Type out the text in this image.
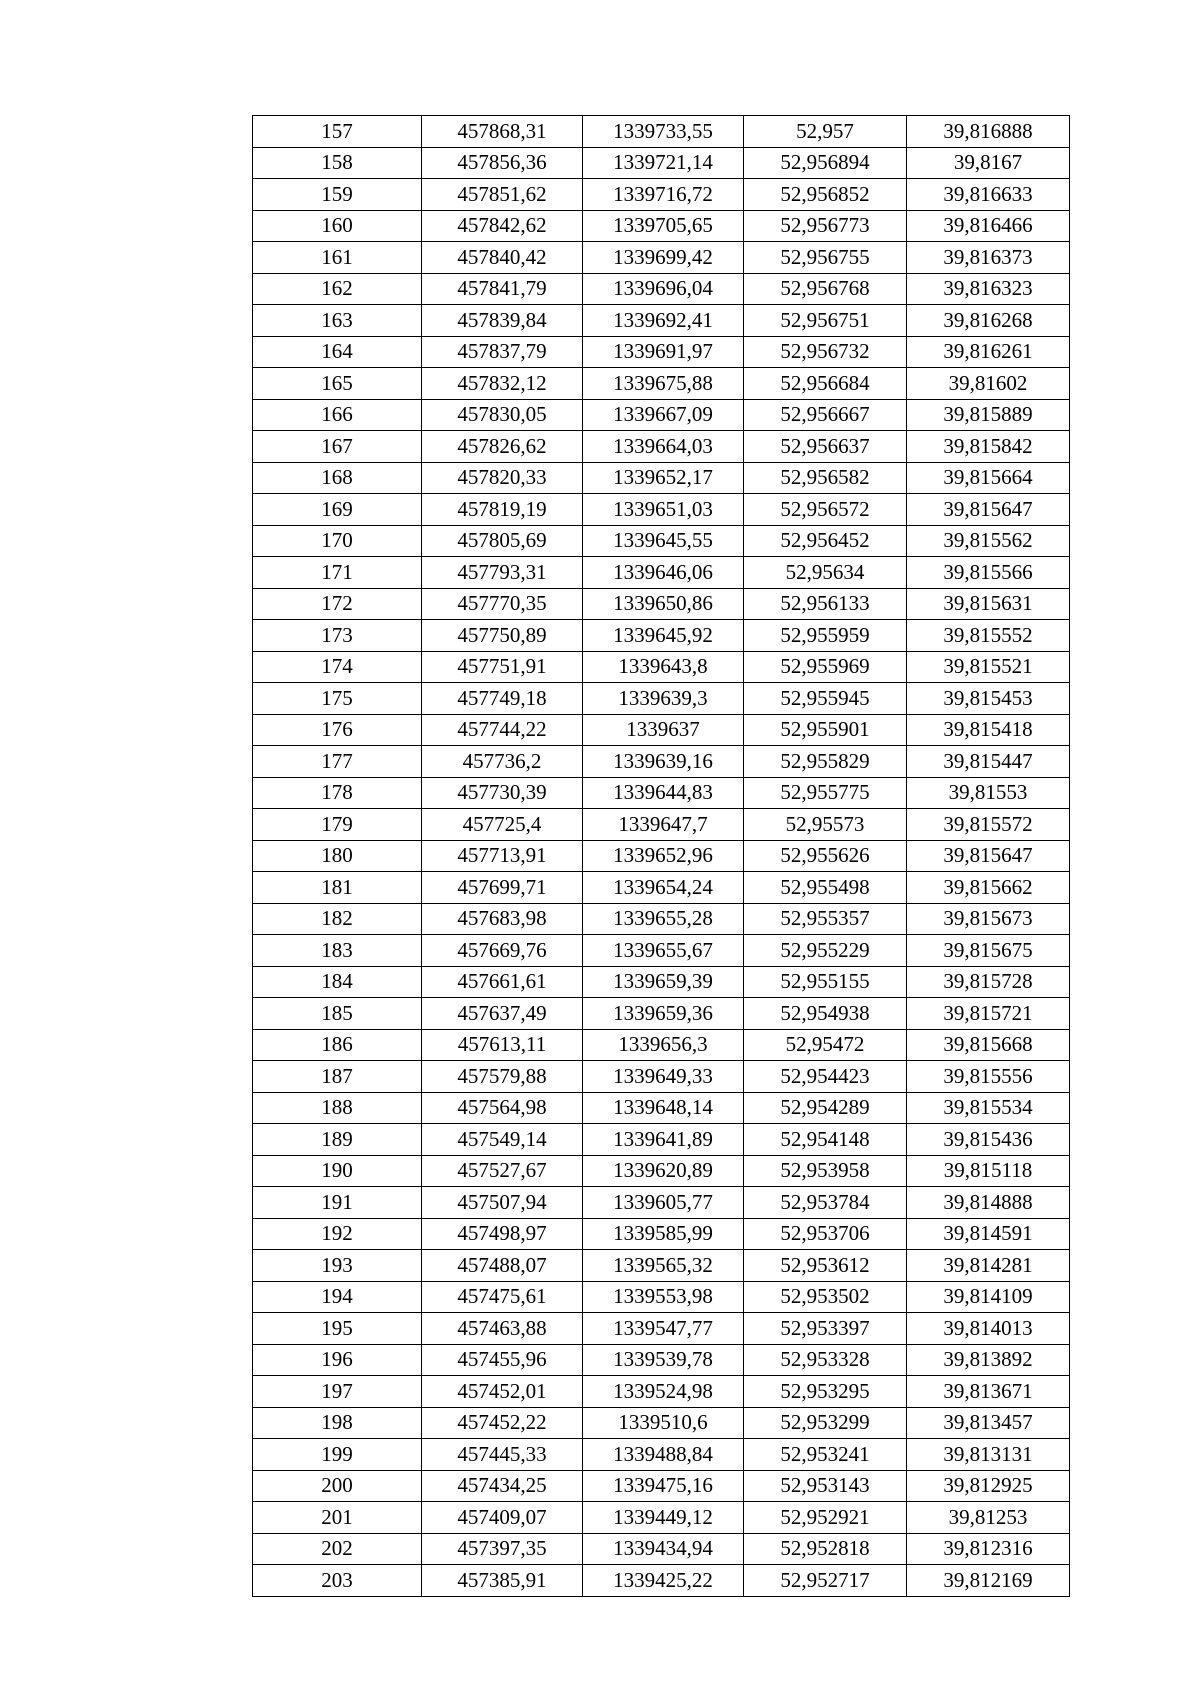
157	457868,31	1339733,55	52,957	39,816888
158	457856,36	1339721,14	52,956894	39,8167
159	457851,62	1339716,72	52,956852	39,816633
160	457842,62	1339705,65	52,956773	39,816466
161	457840,42	1339699,42	52,956755	39,816373
162	457841,79	1339696,04	52,956768	39,816323
163	457839,84	1339692,41	52,956751	39,816268
164	457837,79	1339691,97	52,956732	39,816261
165	457832,12	1339675,88	52,956684	39,81602
166	457830,05	1339667,09	52,956667	39,815889
167	457826,62	1339664,03	52,956637	39,815842
168	457820,33	1339652,17	52,956582	39,815664
169	457819,19	1339651,03	52,956572	39,815647
170	457805,69	1339645,55	52,956452	39,815562
171	457793,31	1339646,06	52,95634	39,815566
172	457770,35	1339650,86	52,956133	39,815631
173	457750,89	1339645,92	52,955959	39,815552
174	457751,91	1339643,8	52,955969	39,815521
175	457749,18	1339639,3	52,955945	39,815453
176	457744,22	1339637	52,955901	39,815418
177	457736,2	1339639,16	52,955829	39,815447
178	457730,39	1339644,83	52,955775	39,81553
179	457725,4	1339647,7	52,95573	39,815572
180	457713,91	1339652,96	52,955626	39,815647
181	457699,71	1339654,24	52,955498	39,815662
182	457683,98	1339655,28	52,955357	39,815673
183	457669,76	1339655,67	52,955229	39,815675
184	457661,61	1339659,39	52,955155	39,815728
185	457637,49	1339659,36	52,954938	39,815721
186	457613,11	1339656,3	52,95472	39,815668
187	457579,88	1339649,33	52,954423	39,815556
188	457564,98	1339648,14	52,954289	39,815534
189	457549,14	1339641,89	52,954148	39,815436
190	457527,67	1339620,89	52,953958	39,815118
191	457507,94	1339605,77	52,953784	39,814888
192	457498,97	1339585,99	52,953706	39,814591
193	457488,07	1339565,32	52,953612	39,814281
194	457475,61	1339553,98	52,953502	39,814109
195	457463,88	1339547,77	52,953397	39,814013
196	457455,96	1339539,78	52,953328	39,813892
197	457452,01	1339524,98	52,953295	39,813671
198	457452,22	1339510,6	52,953299	39,813457
199	457445,33	1339488,84	52,953241	39,813131
200	457434,25	1339475,16	52,953143	39,812925
201	457409,07	1339449,12	52,952921	39,81253
202	457397,35	1339434,94	52,952818	39,812316
203	457385,91	1339425,22	52,952717	39,812169
